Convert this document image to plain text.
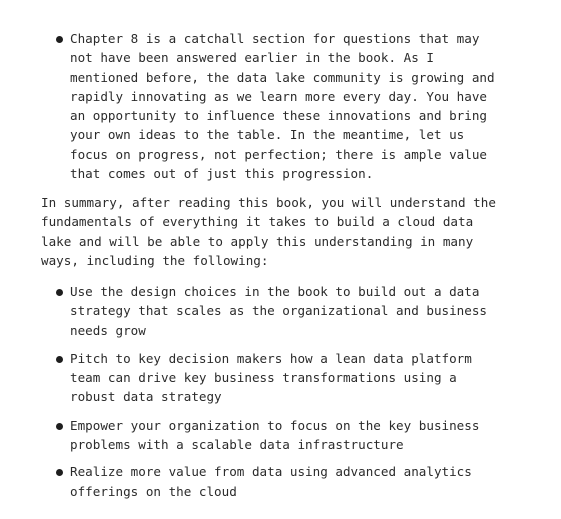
Chapter 8 is a catchall section for questions that may not have been answered earlier in the book. As I mentioned before, the data lake community is growing and rapidly innovating as we learn more every day. You have an opportunity to influence these innovations and bring your own ideas to the table. In the meantime, let us focus on progress, not perfection; there is ample value that comes out of just this progression.

In summary, after reading this book, you will understand the fundamentals of everything it takes to build a cloud data lake and will be able to apply this understanding in many ways, including the following:

Use the design choices in the book to build out a data strategy that scales as the organizational and business needs grow
Pitch to key decision makers how a lean data platform team can drive key business transformations using a robust data strategy
Empower your organization to focus on the key business problems with a scalable data infrastructure
Realize more value from data using advanced analytics offerings on the cloud
